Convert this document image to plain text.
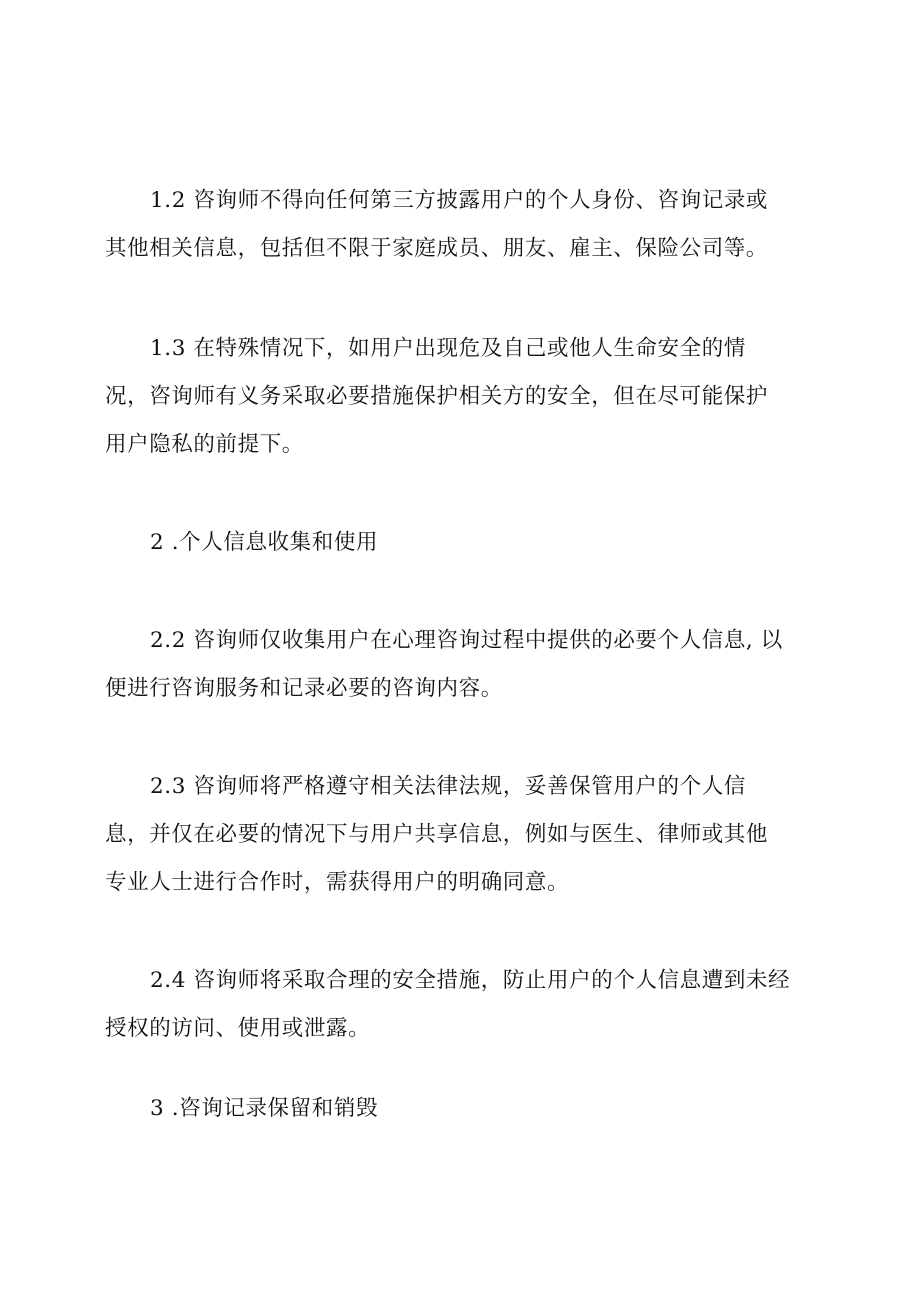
1.2 咨询师不得向任何第三方披露用户的个人身份、咨询记录或
其他相关信息，包括但不限于家庭成员、朋友、雇主、保险公司等。
1.3 在特殊情况下，如用户出现危及自己或他人生命安全的情
况，咨询师有义务采取必要措施保护相关方的安全，但在尽可能保护
用户隐私的前提下。
2 .个人信息收集和使用
2.2 咨询师仅收集用户在心理咨询过程中提供的必要个人信息, 以
便进行咨询服务和记录必要的咨询内容。
2.3 咨询师将严格遵守相关法律法规，妥善保管用户的个人信
息，并仅在必要的情况下与用户共享信息，例如与医生、律师或其他
专业人士进行合作时，需获得用户的明确同意。
2.4 咨询师将采取合理的安全措施，防止用户的个人信息遭到未经
授权的访问、使用或泄露。
3 .咨询记录保留和销毁
